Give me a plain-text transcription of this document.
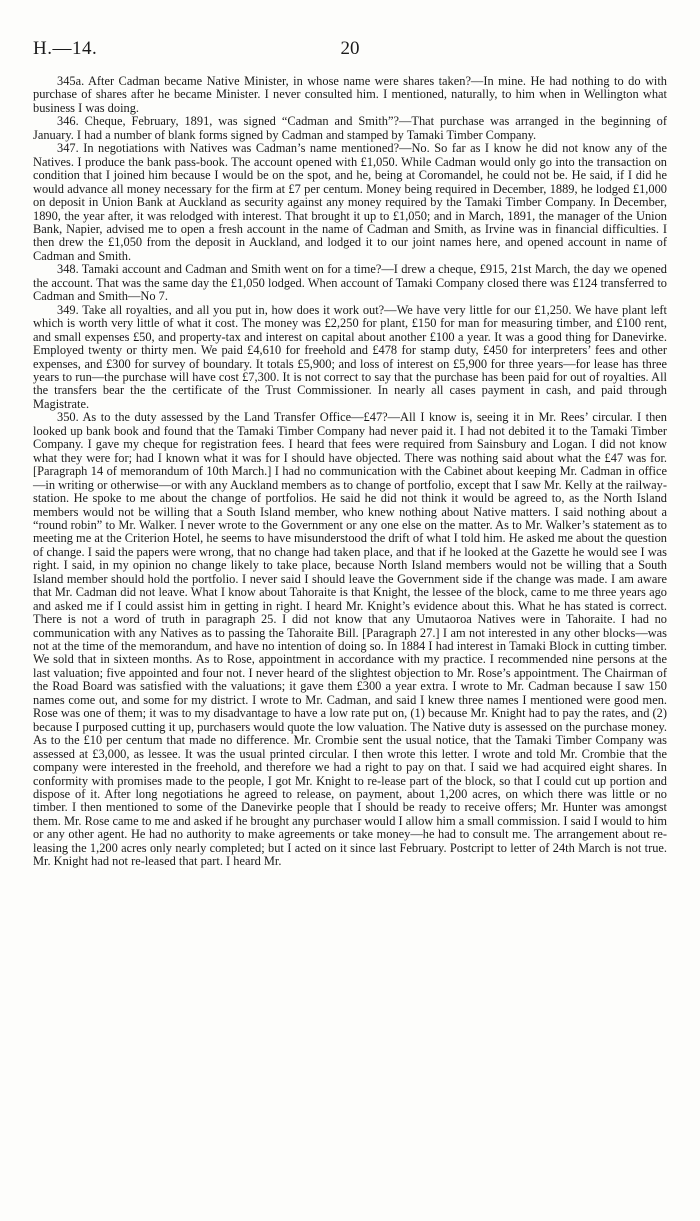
H.—14.	20

345a. After Cadman became Native Minister, in whose name were shares taken?—In mine. He had nothing to do with purchase of shares after he became Minister. I never consulted him. I mentioned, naturally, to him when in Wellington what business I was doing.

346. Cheque, February, 1891, was signed “Cadman and Smith”?—That purchase was arranged in the beginning of January. I had a number of blank forms signed by Cadman and stamped by Tamaki Timber Company.

347. In negotiations with Natives was Cadman’s name mentioned?—No. So far as I know he did not know any of the Natives. I produce the bank pass-book. The account opened with £1,050. While Cadman would only go into the transaction on condition that I joined him because I would be on the spot, and he, being at Coromandel, he could not be. He said, if I did he would advance all money necessary for the firm at £7 per centum. Money being required in December, 1889, he lodged £1,000 on deposit in Union Bank at Auckland as security against any money required by the Tamaki Timber Company. In December, 1890, the year after, it was relodged with interest. That brought it up to £1,050; and in March, 1891, the manager of the Union Bank, Napier, advised me to open a fresh account in the name of Cadman and Smith, as Irvine was in financial difficulties. I then drew the £1,050 from the deposit in Auckland, and lodged it to our joint names here, and opened account in name of Cadman and Smith.

348. Tamaki account and Cadman and Smith went on for a time?—I drew a cheque, £915, 21st March, the day we opened the account. That was the same day the £1,050 lodged. When account of Tamaki Company closed there was £124 transferred to Cadman and Smith—No 7.

349. Take all royalties, and all you put in, how does it work out?—We have very little for our £1,250. We have plant left which is worth very little of what it cost. The money was £2,250 for plant, £150 for man for measuring timber, and £100 rent, and small expenses £50, and property-tax and interest on capital about another £100 a year. It was a good thing for Danevirke. Employed twenty or thirty men. We paid £4,610 for freehold and £478 for stamp duty, £450 for interpreters’ fees and other expenses, and £300 for survey of boundary. It totals £5,900; and loss of interest on £5,900 for three years—for lease has three years to run—the purchase will have cost £7,300. It is not correct to say that the purchase has been paid for out of royalties. All the transfers bear the the certificate of the Trust Commissioner. In nearly all cases payment in cash, and paid through Magistrate.

350. As to the duty assessed by the Land Transfer Office—£47?—All I know is, seeing it in Mr. Rees’ circular. I then looked up bank book and found that the Tamaki Timber Company had never paid it. I had not debited it to the Tamaki Timber Company. I gave my cheque for registration fees. I heard that fees were required from Sainsbury and Logan. I did not know what they were for; had I known what it was for I should have objected. There was nothing said about what the £47 was for. [Paragraph 14 of memorandum of 10th March.] I had no communication with the Cabinet about keeping Mr. Cadman in office—in writing or otherwise—or with any Auckland members as to change of portfolio, except that I saw Mr. Kelly at the railway-station. He spoke to me about the change of portfolios. He said he did not think it would be agreed to, as the North Island members would not be willing that a South Island member, who knew nothing about Native matters. I said nothing about a “round robin” to Mr. Walker. I never wrote to the Government or any one else on the matter. As to Mr. Walker’s statement as to meeting me at the Criterion Hotel, he seems to have misunderstood the drift of what I told him. He asked me about the question of change. I said the papers were wrong, that no change had taken place, and that if he looked at the Gazette he would see I was right. I said, in my opinion no change likely to take place, because North Island members would not be willing that a South Island member should hold the portfolio. I never said I should leave the Government side if the change was made. I am aware that Mr. Cadman did not leave. What I know about Tahoraite is that Knight, the lessee of the block, came to me three years ago and asked me if I could assist him in getting in right. I heard Mr. Knight’s evidence about this. What he has stated is correct. There is not a word of truth in paragraph 25. I did not know that any Umutaoroa Natives were in Tahoraite. I had no communication with any Natives as to passing the Tahoraite Bill. [Paragraph 27.] I am not interested in any other blocks—was not at the time of the memorandum, and have no intention of doing so. In 1884 I had interest in Tamaki Block in cutting timber. We sold that in sixteen months. As to Rose, appointment in accordance with my practice. I recommended nine persons at the last valuation; five appointed and four not. I never heard of the slightest objection to Mr. Rose’s appointment. The Chairman of the Road Board was satisfied with the valuations; it gave them £300 a year extra. I wrote to Mr. Cadman because I saw 150 names come out, and some for my district. I wrote to Mr. Cadman, and said I knew three names I mentioned were good men. Rose was one of them; it was to my disadvantage to have a low rate put on, (1) because Mr. Knight had to pay the rates, and (2) because I purposed cutting it up, purchasers would quote the low valuation. The Native duty is assessed on the purchase money. As to the £10 per centum that made no difference. Mr. Crombie sent the usual notice, that the Tamaki Timber Company was assessed at £3,000, as lessee. It was the usual printed circular. I then wrote this letter. I wrote and told Mr. Crombie that the company were interested in the freehold, and therefore we had a right to pay on that. I said we had acquired eight shares. In conformity with promises made to the people, I got Mr. Knight to re-lease part of the block, so that I could cut up portion and dispose of it. After long negotiations he agreed to release, on payment, about 1,200 acres, on which there was little or no timber. I then mentioned to some of the Danevirke people that I should be ready to receive offers; Mr. Hunter was amongst them. Mr. Rose came to me and asked if he brought any purchaser would I allow him a small commission. I said I would to him or any other agent. He had no authority to make agreements or take money—he had to consult me. The arrangement about re-leasing the 1,200 acres only nearly completed; but I acted on it since last February. Postcript to letter of 24th March is not true. Mr. Knight had not re-leased that part. I heard Mr.
